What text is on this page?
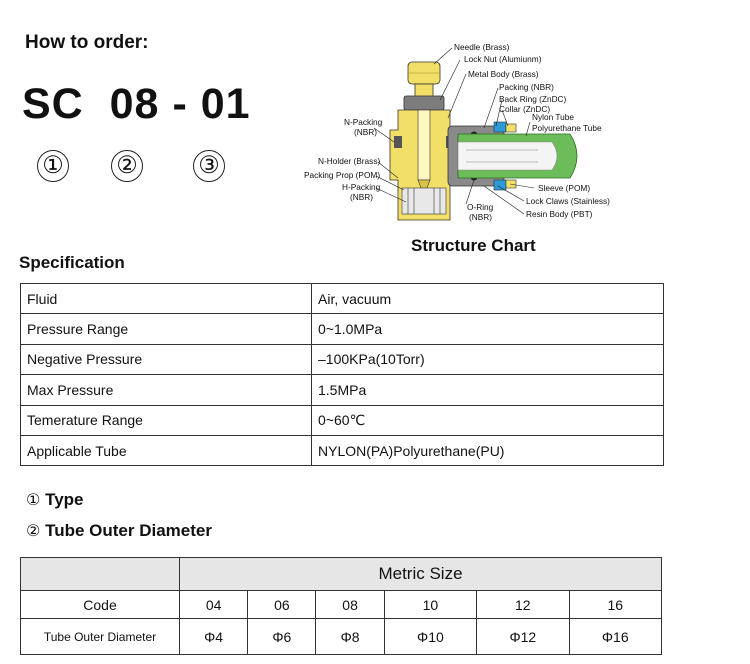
How to order:
SC 08 - 01
① ②	③
Needle (Brass)
Lock Nut (Alumiunm)
Metal Body (Brass)
Packing (NBR)
Back Ring (ZnDC)
Collar (ZnDC)
Nylon Tube
Polyurethane Tube
N-Packing
(NBR)
N-Holder (Brass)
Packing Prop (POM)
H-Packing
(NBR)
Sleeve (POM)
Lock Claws (Stainless)
Resin Body (PBT)
O-Ring
(NBR)
Structure Chart
Specification
Fluid	Air, vacuum
Pressure Range	0~1.0MPa
Negative Pressure	–100KPa(10Torr)
Max Pressure	1.5MPa
Temerature Range	0~60℃
Applicable Tube	NYLON(PA)Polyurethane(PU)
① Type
② Tube Outer Diameter
	Metric Size					
Code	04	06	08	10	12	16
Tube Outer Diameter	Φ4	Φ6	Φ8	Φ10	Φ12	Φ16
